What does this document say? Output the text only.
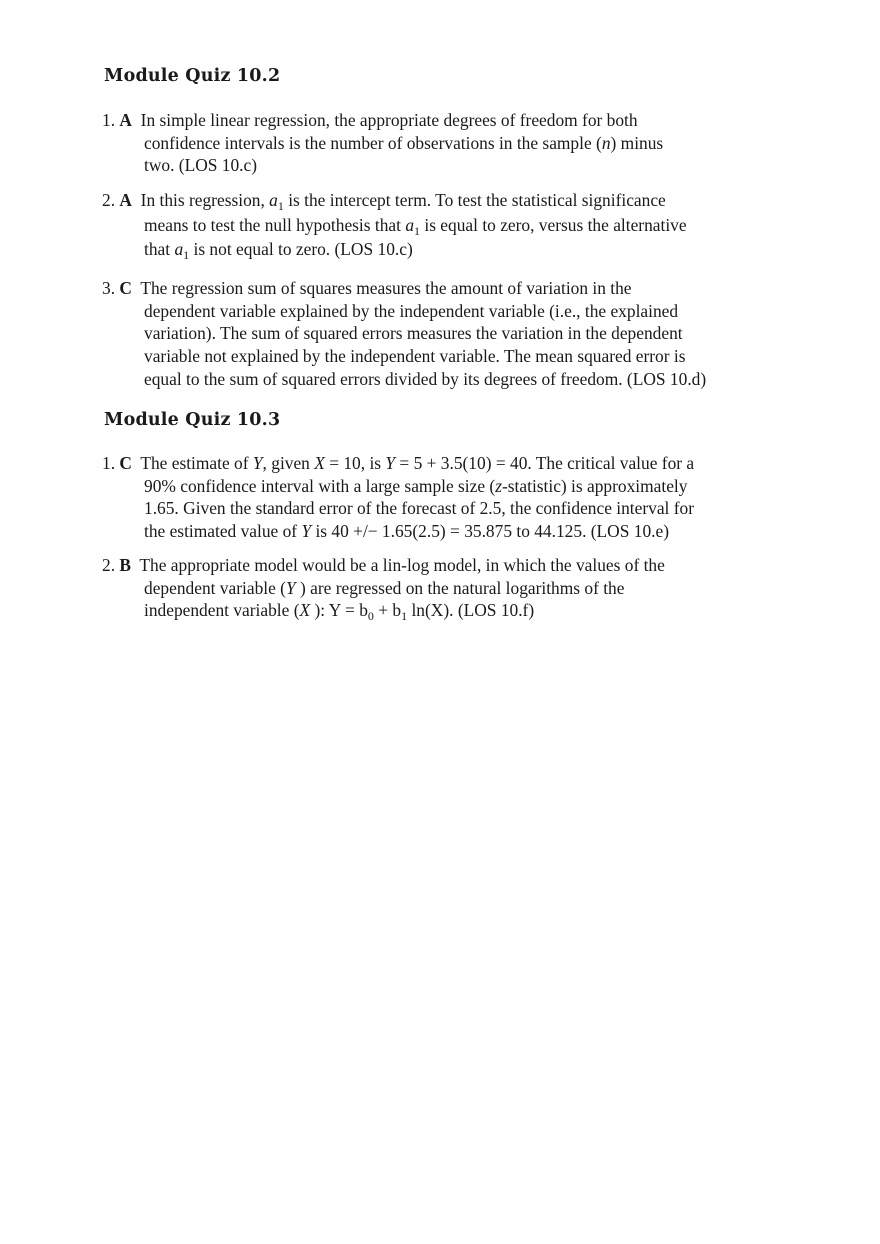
Module Quiz 10.2
1. A In simple linear regression, the appropriate degrees of freedom for both
confidence intervals is the number of observations in the sample (n) minus
two. (LOS 10.c)
2. A In this regression, $a_1$ is the intercept term. To test the statistical significance
means to test the null hypothesis that $a_1$ is equal to zero, versus the alternative
that $a_1$ is not equal to zero. (LOS 10.c)
3. C The regression sum of squares measures the amount of variation in the
dependent variable explained by the independent variable (i.e., the explained
variation). The sum of squared errors measures the variation in the dependent
variable not explained by the independent variable. The mean squared error is
equal to the sum of squared errors divided by its degrees of freedom. (LOS 10.d)
Module Quiz 10.3
1. C The estimate of Y, given X = 10, is Y = 5 + 3.5(10) = 40. The critical value for a
90% confidence interval with a large sample size (z-statistic) is approximately
1.65. Given the standard error of the forecast of 2.5, the confidence interval for
the estimated value of Y is 40 +/− 1.65(2.5) = 35.875 to 44.125. (LOS 10.e)
2. B The appropriate model would be a lin-log model, in which the values of the
dependent variable (Y ) are regressed on the natural logarithms of the
independent variable (X ): $Y = b_0 + b_1$ ln(X). (LOS 10.f)
